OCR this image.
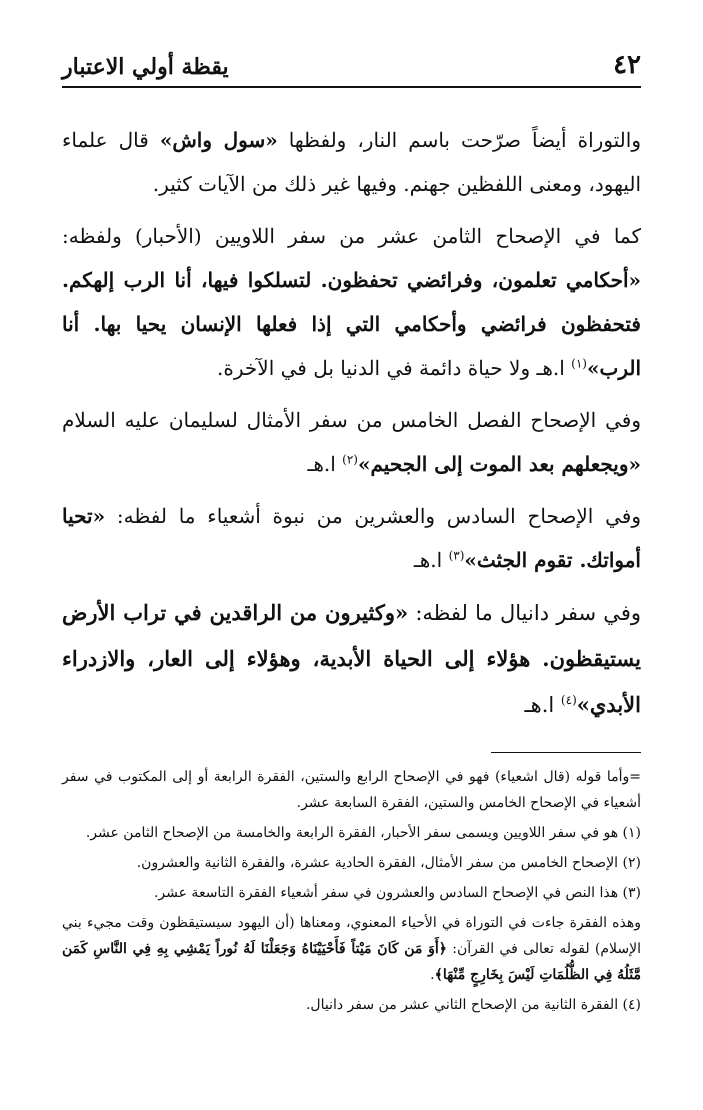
٤٢
يقظة أولي الاعتبار

والتوراة أيضاً صرّحت باسم النار، ولفظها «سول واش» قال علماء اليهود، ومعنى اللفظين جهنم. وفيها غير ذلك من الآيات كثير.

كما في الإصحاح الثامن عشر من سفر اللاويين (الأحبار) ولفظه: «أحكامي تعلمون، وفرائضي تحفظون. لتسلكوا فيها، أنا الرب إلهكم. فتحفظون فرائضي وأحكامي التي إذا فعلها الإنسان يحيا بها. أنا الرب»$^{(١)}$ ا.هـ ولا حياة دائمة في الدنيا بل في الآخرة.

وفي الإصحاح الفصل الخامس من سفر الأمثال لسليمان عليه السلام «ويجعلهم بعد الموت إلى الجحيم»$^{(٢)}$ ا.هـ

وفي الإصحاح السادس والعشرين من نبوة أشعياء ما لفظه: «تحيا أمواتك. تقوم الجثث»$^{(٣)}$ ا.هـ

وفي سفر دانيال ما لفظه: «وكثيرون من الراقدين في تراب الأرض يستيقظون. هؤلاء إلى الحياة الأبدية، وهؤلاء إلى العار، والازدراء الأبدي»$^{(٤)}$ ا.هـ

=وأما قوله (قال اشعياء) فهو في الإصحاح الرابع والستين، الفقرة الرابعة أو إلى المكتوب في سفر أشعياء في الإصحاح الخامس والستين، الفقرة السابعة عشر.

(١) هو في سفر اللاويين ويسمى سفر الأحبار، الفقرة الرابعة والخامسة من الإصحاح الثامن عشر.

(٢) الإصحاح الخامس من سفر الأمثال، الفقرة الحادية عشرة، والفقرة الثانية والعشرون.

(٣) هذا النص في الإصحاح السادس والعشرون في سفر أشعياء الفقرة التاسعة عشر.

وهذه الفقرة جاءت في التوراة في الأحياء المعنوي، ومعناها (أن اليهود سيستيقظون وقت مجيء بني الإسلام) لقوله تعالى في القرآن: ﴿أَوَ مَن كَانَ مَيْتاً فَأَحْيَيْنَاهُ وَجَعَلْنَا لَهُ نُوراً يَمْشِي بِهِ فِي النَّاسِ كَمَن مَّثَلُهُ فِي الظُّلُمَاتِ لَيْسَ بِخَارِجٍ مِّنْهَا﴾.

(٤) الفقرة الثانية من الإصحاح الثاني عشر من سفر دانيال.
